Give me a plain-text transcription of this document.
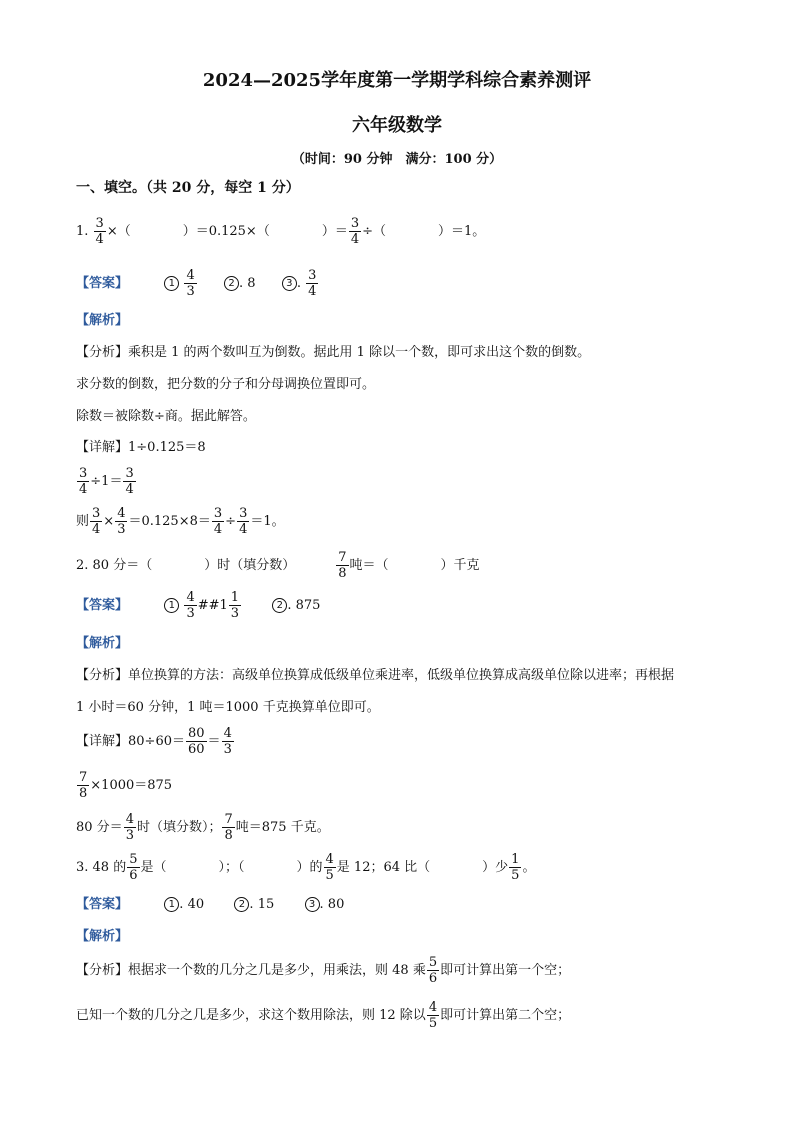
2024—2025学年度第一学期学科综合素养测评
六年级数学
（时间：90 分钟　满分：100 分）
一、填空。（共 20 分，每空 1 分）
1. $\frac{3}{4}$ ×（　　　　）＝0.125×（　　　　）＝ $\frac{3}{4}$ ÷（　　　　）＝1。
【答案】	$1 \frac{4}{3}$	2 . 8	3 . $\frac{3}{4}$
【解析】
【分析】乘积是 1 的两个数叫互为倒数。据此用 1 除以一个数，即可求出这个数的倒数。
求分数的倒数，把分数的分子和分母调换位置即可。
除数＝被除数÷商。据此解答。
【详解】1÷0.125＝8
$\frac{3}{4} \div 1= \frac{3}{4}$
则 $\frac{3}{4} \times \frac{4}{3} =0.125\times 8= \frac{3}{4} \div \frac{3}{4} =1$。
2. 80 分＝（　　　　）时（填分数）	$\frac{7}{8}$ 吨＝（　　　　）千克
【答案】	$1 \frac{4}{3}$ ##1 $\frac{1}{3}$	2 . 875
【解析】
【分析】单位换算的方法：高级单位换算成低级单位乘进率，低级单位换算成高级单位除以进率；再根据
1 小时＝60 分钟，1 吨＝1000 千克换算单位即可。
【详解】$80\div 60= \frac{80}{60} = \frac{4}{3}$
$\frac{7}{8} \times 1000=875$
80 分＝ $\frac{4}{3}$ 时（填分数）； $\frac{7}{8}$ 吨＝875 千克。
3. 48 的 $\frac{5}{6}$ 是（　　　　）；（　　　　）的 $\frac{4}{5}$ 是 12；64 比（　　　　）少 $\frac{1}{5}$ 。
【答案】	1 . 40	2 . 15	3 . 80
【解析】
【分析】根据求一个数的几分之几是多少，用乘法，则 48 乘 $\frac{5}{6}$ 即可计算出第一个空；
已知一个数的几分之几是多少，求这个数用除法，则 12 除以 $\frac{4}{5}$ 即可计算出第二个空；
